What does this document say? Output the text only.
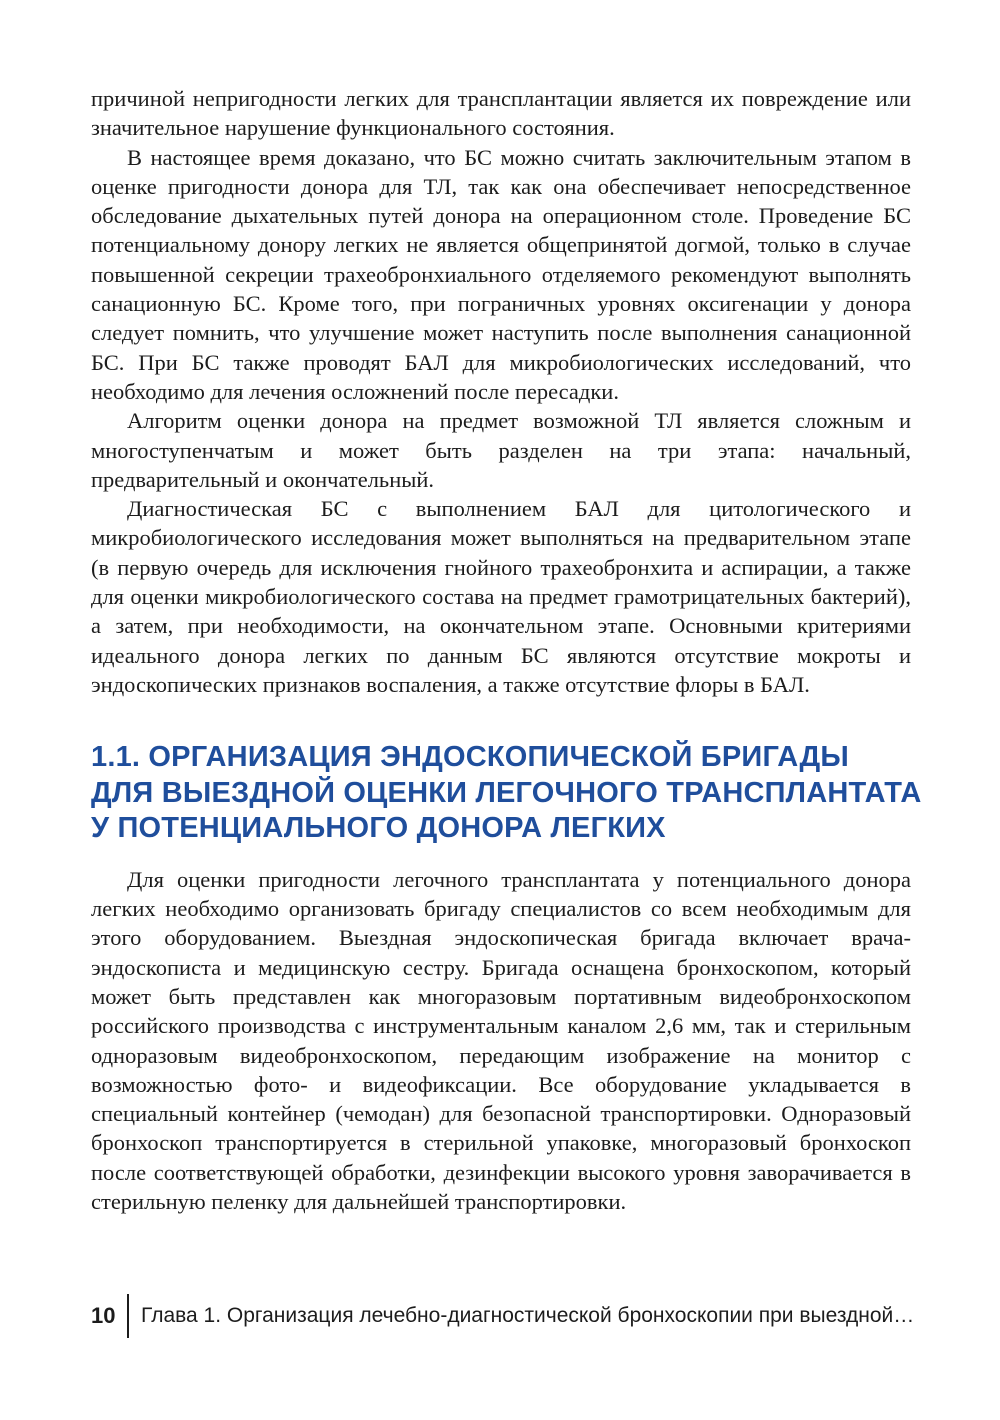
причиной непригодности легких для трансплантации является их повреждение или значительное нарушение функционального состояния.

В настоящее время доказано, что БС можно считать заключительным этапом в оценке пригодности донора для ТЛ, так как она обеспечивает непосредственное обследование дыхательных путей донора на операционном столе. Проведение БС потенциальному донору легких не является общепринятой догмой, только в случае повышенной секреции трахеобронхиального отделяемого рекомендуют выполнять санационную БС. Кроме того, при пограничных уровнях оксигенации у донора следует помнить, что улучшение может наступить после выполнения санационной БС. При БС также проводят БАЛ для микробиологических исследований, что необходимо для лечения осложнений после пересадки.

Алгоритм оценки донора на предмет возможной ТЛ является сложным и многоступенчатым и может быть разделен на три этапа: начальный, предварительный и окончательный.

Диагностическая БС с выполнением БАЛ для цитологического и микробиологического исследования может выполняться на предварительном этапе (в первую очередь для исключения гнойного трахеобронхита и аспирации, а также для оценки микробиологического состава на предмет грамотрицательных бактерий), а затем, при необходимости, на окончательном этапе. Основными критериями идеального донора легких по данным БС являются отсутствие мокроты и эндоскопических признаков воспаления, а также отсутствие флоры в БАЛ.

1.1. ОРГАНИЗАЦИЯ ЭНДОСКОПИЧЕСКОЙ БРИГАДЫ
ДЛЯ ВЫЕЗДНОЙ ОЦЕНКИ ЛЕГОЧНОГО ТРАНСПЛАНТАТА
У ПОТЕНЦИАЛЬНОГО ДОНОРА ЛЕГКИХ

Для оценки пригодности легочного трансплантата у потенциального донора легких необходимо организовать бригаду специалистов со всем необходимым для этого оборудованием. Выездная эндоскопическая бригада включает врача-эндоскописта и медицинскую сестру. Бригада оснащена бронхоскопом, который может быть представлен как многоразовым портативным видеобронхоскопом российского производства с инструментальным каналом 2,6 мм, так и стерильным одноразовым видеобронхоскопом, передающим изображение на монитор с возможностью фото- и видеофиксации. Все оборудование укладывается в специальный контейнер (чемодан) для безопасной транспортировки. Одноразовый бронхоскоп транспортируется в стерильной упаковке, многоразовый бронхоскоп после соответствующей обработки, дезинфекции высокого уровня заворачивается в стерильную пеленку для дальнейшей транспортировки.

10 Глава 1. Организация лечебно-диагностической бронхоскопии при выездной…
